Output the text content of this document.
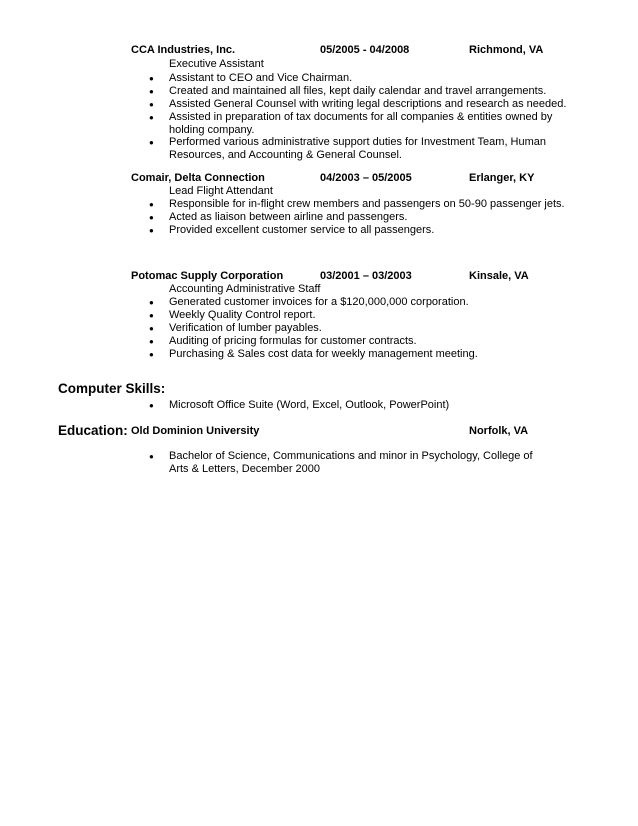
CCA Industries, Inc.	05/2005 - 04/2008	Richmond, VA
Executive Assistant
● Assistant to CEO and Vice Chairman.
● Created and maintained all files, kept daily calendar and travel arrangements.
● Assisted General Counsel with writing legal descriptions and research as needed.
● Assisted in preparation of tax documents for all companies & entities owned by holding company.
● Performed various administrative support duties for Investment Team, Human Resources, and Accounting & General Counsel.
Comair, Delta Connection	04/2003 – 05/2005	Erlanger, KY
Lead Flight Attendant
● Responsible for in-flight crew members and passengers on 50-90 passenger jets.
● Acted as liaison between airline and passengers.
● Provided excellent customer service to all passengers.
Potomac Supply Corporation	03/2001 – 03/2003	Kinsale, VA
Accounting Administrative Staff
● Generated customer invoices for a $120,000,000 corporation.
● Weekly Quality Control report.
● Verification of lumber payables.
● Auditing of pricing formulas for customer contracts.
● Purchasing & Sales cost data for weekly management meeting.
Computer Skills:
● Microsoft Office Suite (Word, Excel, Outlook, PowerPoint)
Education: Old Dominion University	Norfolk, VA
● Bachelor of Science, Communications and minor in Psychology, College of Arts & Letters, December 2000
